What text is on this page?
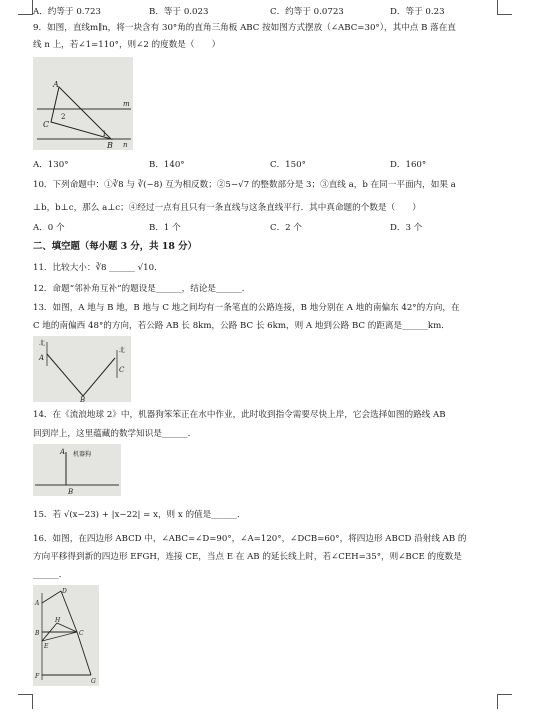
A．约等于 0.723	B．等于 0.023	C．约等于 0.0723	D．等于 0.23
9．如图，直线m∥n，将一块含有 30°角的直角三角板 ABC 按如图方式摆放（∠ABC=30°），其中点 B 落在直
线 n 上，若∠1=110°，则∠2 的度数是（　　）
A
C
B
m
n
2
1
A．130°	B．140°	C．150°	D．160°
10．下列命题中：①∛8 与 ∛(−8) 互为相反数；②5−√7 的整数部分是 3；③直线 a，b 在同一平面内，如果 a
⊥b，b⊥c，那么 a⊥c；④经过一点有且只有一条直线与这条直线平行．其中真命题的个数是（　　）
A．0 个	B．1 个	C．2 个	D．3 个
二、填空题（每小题 3 分，共 18 分）
11．比较大小：∛8 ______ √10．
12．命题“邻补角互补”的题设是______，结论是______．
13．如图，A 地与 B 地，B 地与 C 地之间均有一条笔直的公路连接，B 地分别在 A 地的南偏东 42°的方向，在
C 地的南偏西 48°的方向，若公路 AB 长 8km，公路 BC 长 6km，则 A 地到公路 BC 的距离是______km．
北
北
A
B
C
14．在《流浪地球 2》中，机器狗笨笨正在水中作业，此时收到指令需要尽快上岸，它会选择如图的路线 AB
回到岸上，这里蕴藏的数学知识是______．
A 机器狗
B
15．若 √(x−23) + |x−22| = x，则 x 的值是______．
16．如图，在四边形 ABCD 中，∠ABC=∠D=90°，∠A=120°，∠DCB=60°，将四边形 ABCD 沿射线 AB 的
方向平移得到新的四边形 EFGH，连接 CE，当点 E 在 AB 的延长线上时，若∠CEH=35°，则∠BCE 的度数是
______．
A
D
B	C
H
E
F
G
